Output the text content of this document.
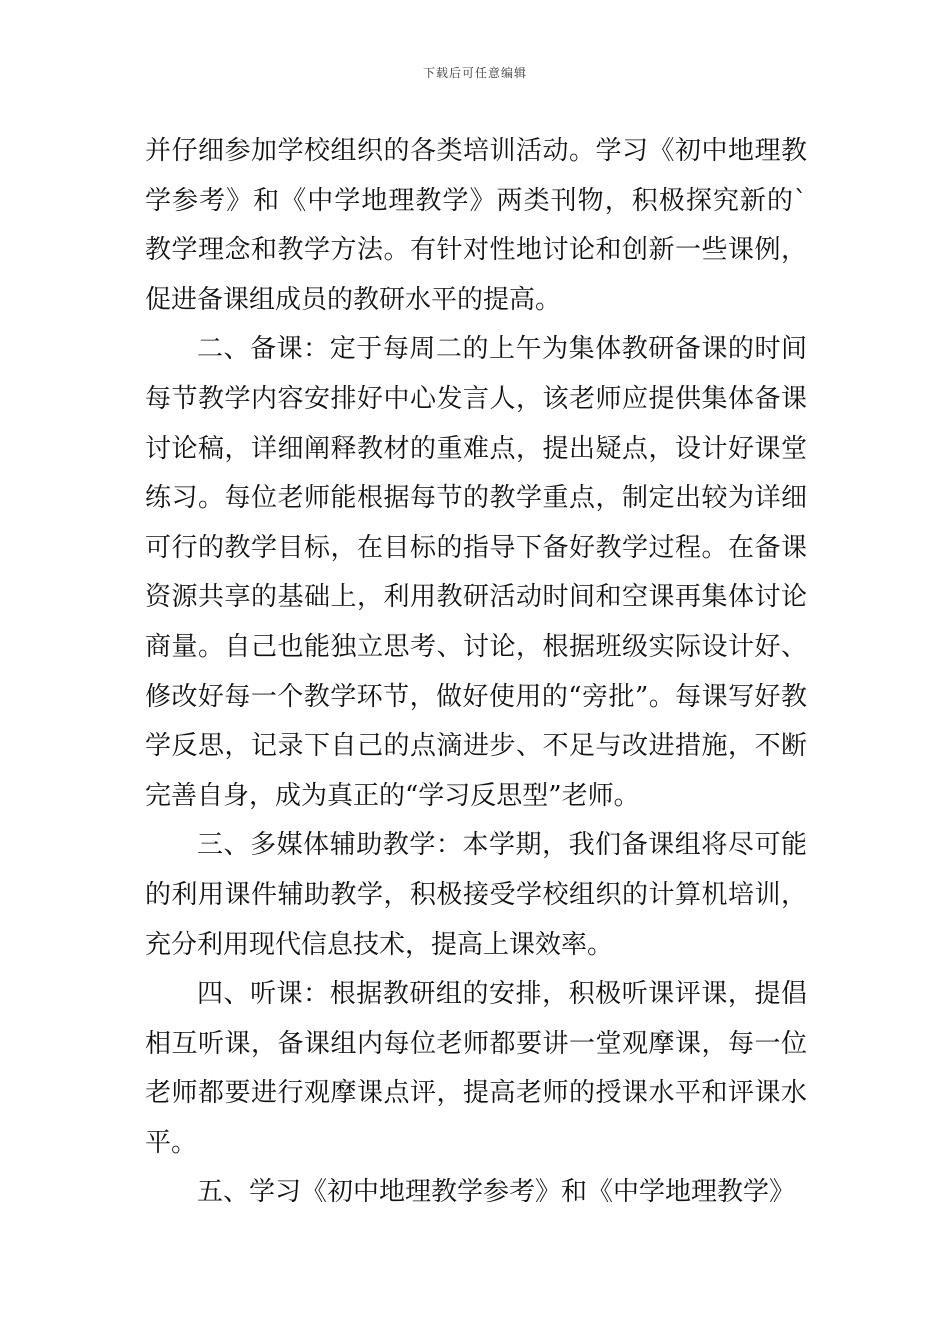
下载后可任意编辑

并仔细参加学校组织的各类培训活动。学习《初中地理教学参考》和《中学地理教学》两类刊物，积极探究新的`教学理念和教学方法。有针对性地讨论和创新一些课例，促进备课组成员的教研水平的提高。

二、备课：定于每周二的上午为集体教研备课的时间每节教学内容安排好中心发言人，该老师应提供集体备课讨论稿，详细阐释教材的重难点，提出疑点，设计好课堂练习。每位老师能根据每节的教学重点，制定出较为详细可行的教学目标，在目标的指导下备好教学过程。在备课资源共享的基础上，利用教研活动时间和空课再集体讨论商量。自己也能独立思考、讨论，根据班级实际设计好、修改好每一个教学环节，做好使用的“旁批”。每课写好教学反思，记录下自己的点滴进步、不足与改进措施，不断完善自身，成为真正的“学习反思型”老师。

三、多媒体辅助教学：本学期，我们备课组将尽可能的利用课件辅助教学，积极接受学校组织的计算机培训，充分利用现代信息技术，提高上课效率。

四、听课：根据教研组的安排，积极听课评课，提倡相互听课，备课组内每位老师都要讲一堂观摩课，每一位老师都要进行观摩课点评，提高老师的授课水平和评课水平。

五、学习《初中地理教学参考》和《中学地理教学》
